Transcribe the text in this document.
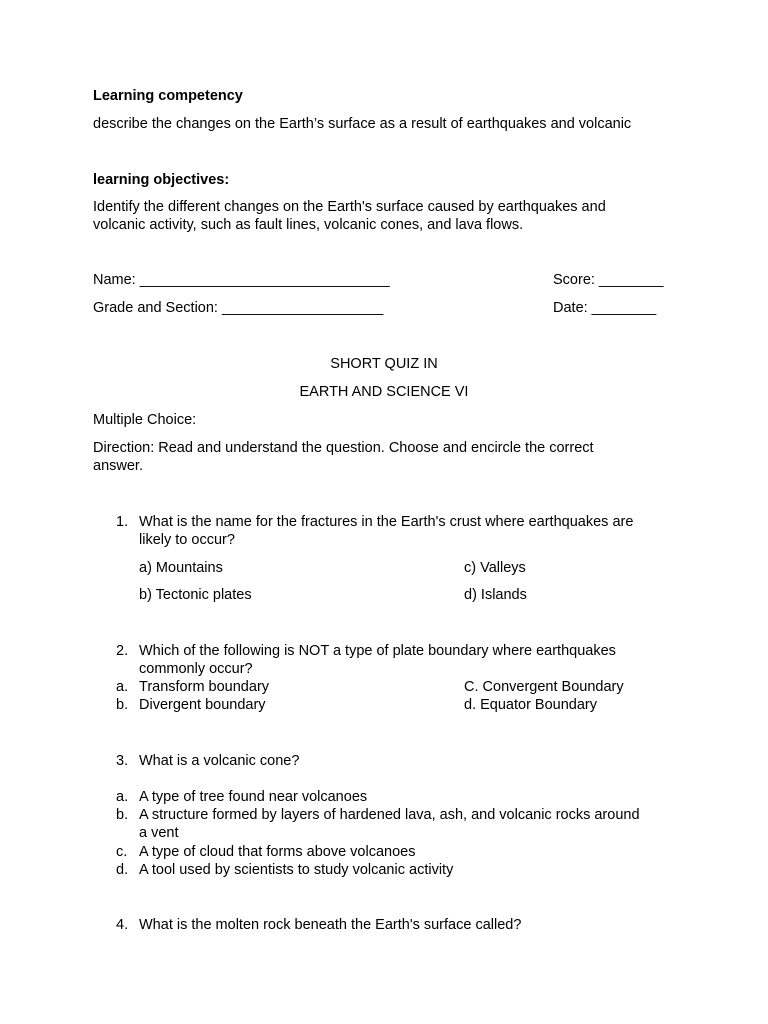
Learning competency
describe the changes on the Earth’s surface as a result of earthquakes and volcanic
learning objectives:
Identify the different changes on the Earth's surface caused by earthquakes and
volcanic activity, such as fault lines, volcanic cones, and lava flows.
Name: _______________________________	Score: ________
Grade and Section: ____________________	Date: ________
SHORT QUIZ IN
EARTH AND SCIENCE VI
Multiple Choice:
Direction: Read and understand the question. Choose and encircle the correct
answer.
1. What is the name for the fractures in the Earth's crust where earthquakes are
likely to occur?
a) Mountains	c) Valleys
b) Tectonic plates	d) Islands
2. Which of the following is NOT a type of plate boundary where earthquakes
commonly occur?
a. Transform boundary	C. Convergent Boundary
b. Divergent boundary	d. Equator Boundary
3. What is a volcanic cone?
a. A type of tree found near volcanoes
b. A structure formed by layers of hardened lava, ash, and volcanic rocks around
a vent
c. A type of cloud that forms above volcanoes
d. A tool used by scientists to study volcanic activity
4. What is the molten rock beneath the Earth's surface called?
